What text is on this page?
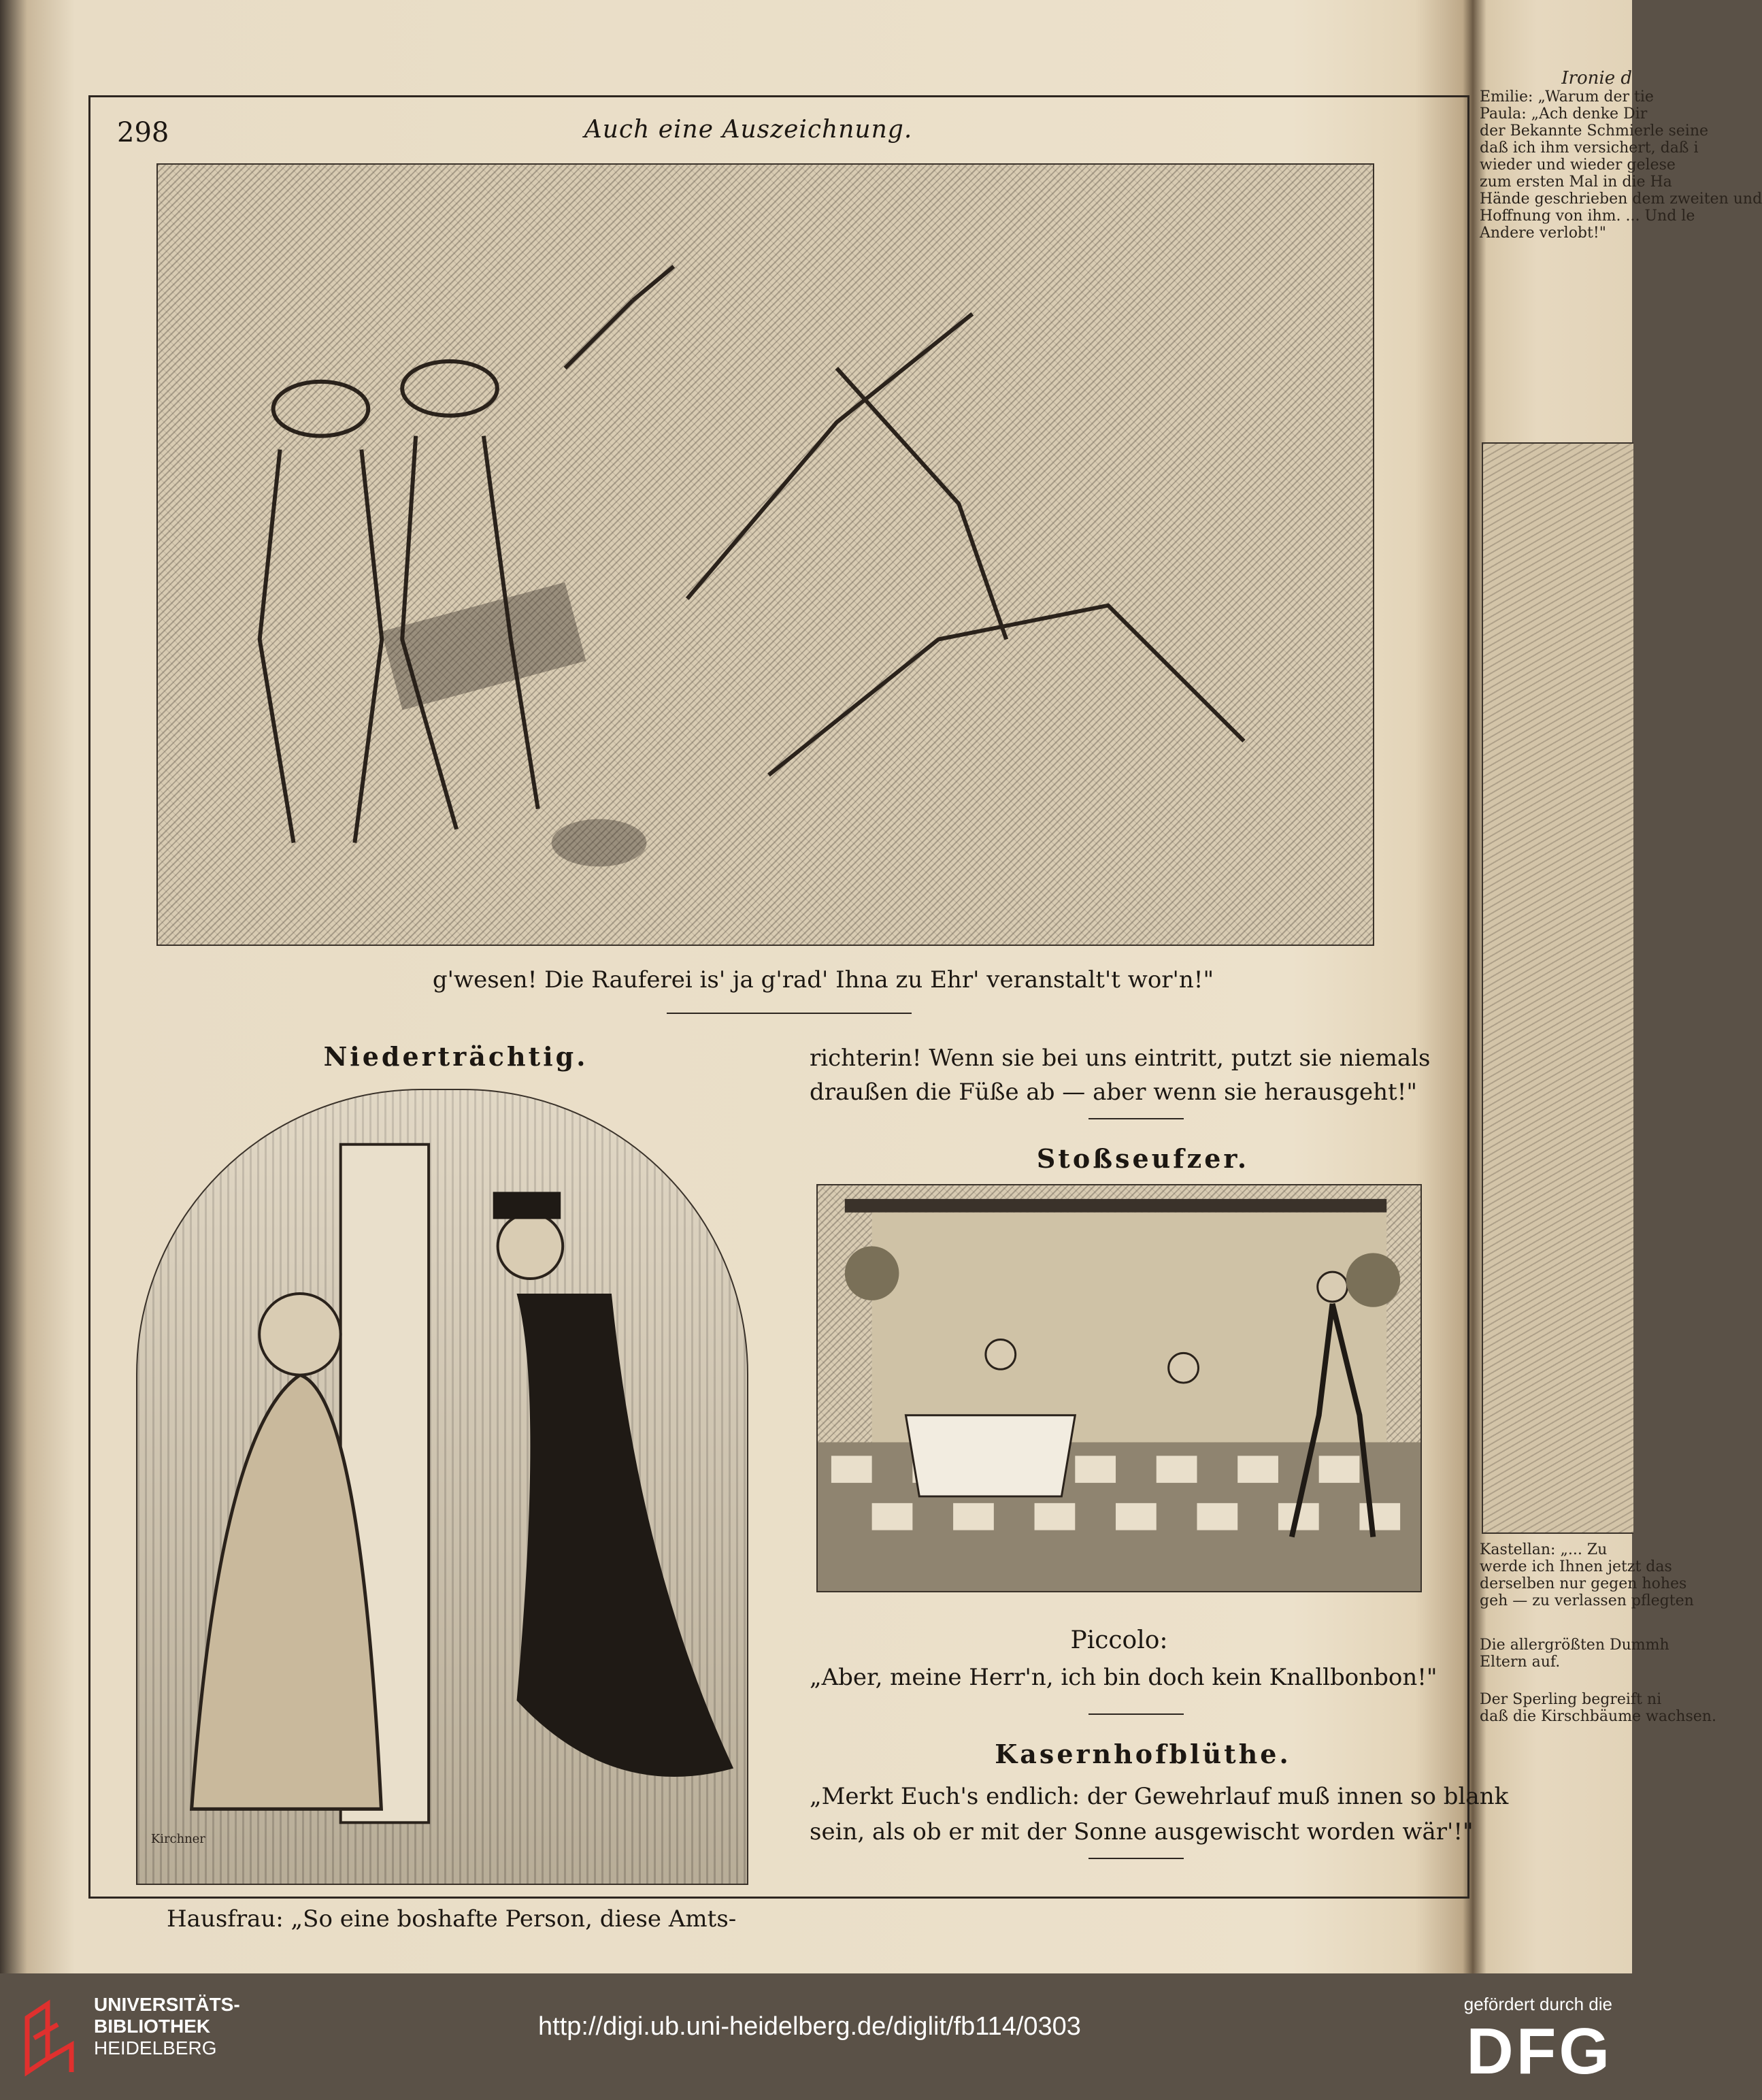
298	Auch eine Auszeichnung.
g'wesen! Die Rauferei is' ja g'rad' Ihna zu Ehr' veranstalt't wor'n!"
Niederträchtig.
Kirchner
richterin! Wenn sie bei uns eintritt, putzt sie niemals
draußen die Füße ab — aber wenn sie herausgeht!"
Stoßseufzer.
Piccolo:
„Aber, meine Herr'n, ich bin doch kein Knallbonbon!"
Kasernhofblüthe.
„Merkt Euch's endlich: der Gewehrlauf muß innen so blank
sein, als ob er mit der Sonne ausgewischt worden wär'!"
Hausfrau: „So eine boshafte Person, diese Amts-
Ironie d
Emilie: „Warum der tie
Paula: „Ach denke Dir
der Bekannte Schmierle seine
daß ich ihm versichert, daß i
wieder und wieder gelese
zum ersten Mal in die Ha
Hände geschrieben dem zweiten und
Hoffnung von ihm. ... Und le
Andere verlobt!"
Kastellan: „... Zu
werde ich Ihnen jetzt das
derselben nur gegen hohes
geh — zu verlassen pflegten
Die allergrößten Dummh
Eltern auf.
Der Sperling begreift ni
daß die Kirschbäume wachsen.
UNIVERSITÄTS-
BIBLIOTHEK
HEIDELBERG
http://digi.ub.uni-heidelberg.de/diglit/fb114/0303
gefördert durch die
DFG
